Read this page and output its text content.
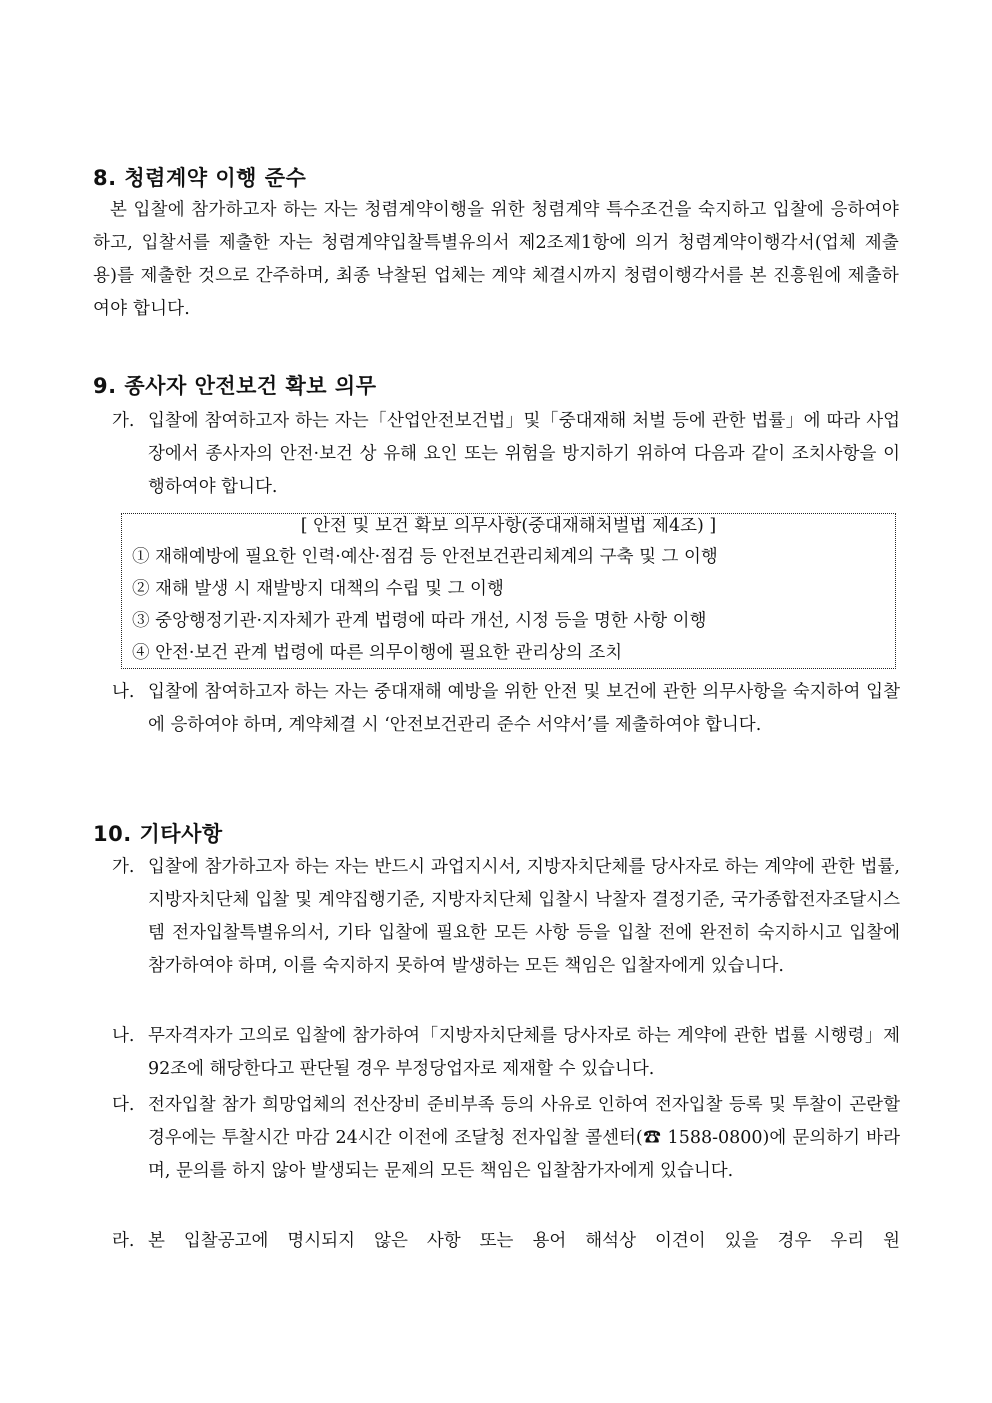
8. 청렴계약 이행 준수
본 입찰에 참가하고자 하는 자는 청렴계약이행을 위한 청렴계약 특수조건을 숙지하고 입찰에 응하여야 하고, 입찰서를 제출한 자는 청렴계약입찰특별유의서 제2조제1항에 의거 청렴계약이행각서(업체 제출용)를 제출한 것으로 간주하며, 최종 낙찰된 업체는 계약 체결시까지 청렴이행각서를 본 진흥원에 제출하여야 합니다.
9. 종사자 안전보건 확보 의무
가. 입찰에 참여하고자 하는 자는「산업안전보건법」및「중대재해 처벌 등에 관한 법률」에 따라 사업장에서 종사자의 안전·보건 상 유해 요인 또는 위험을 방지하기 위하여 다음과 같이 조치사항을 이행하여야 합니다.
[ 안전 및 보건 확보 의무사항(중대재해처벌법 제4조) ]
① 재해예방에 필요한 인력·예산·점검 등 안전보건관리체계의 구축 및 그 이행
② 재해 발생 시 재발방지 대책의 수립 및 그 이행
③ 중앙행정기관·지자체가 관계 법령에 따라 개선, 시정 등을 명한 사항 이행
④ 안전·보건 관계 법령에 따른 의무이행에 필요한 관리상의 조치
나. 입찰에 참여하고자 하는 자는 중대재해 예방을 위한 안전 및 보건에 관한 의무사항을 숙지하여 입찰에 응하여야 하며, 계약체결 시 ‘안전보건관리 준수 서약서’를 제출하여야 합니다.
10. 기타사항
가. 입찰에 참가하고자 하는 자는 반드시 과업지시서, 지방자치단체를 당사자로 하는 계약에 관한 법률, 지방자치단체 입찰 및 계약집행기준, 지방자치단체 입찰시 낙찰자 결정기준, 국가종합전자조달시스템 전자입찰특별유의서, 기타 입찰에 필요한 모든 사항 등을 입찰 전에 완전히 숙지하시고 입찰에 참가하여야 하며, 이를 숙지하지 못하여 발생하는 모든 책임은 입찰자에게 있습니다.
나. 무자격자가 고의로 입찰에 참가하여「지방자치단체를 당사자로 하는 계약에 관한 법률 시행령」제92조에 해당한다고 판단될 경우 부정당업자로 제재할 수 있습니다.
다. 전자입찰 참가 희망업체의 전산장비 준비부족 등의 사유로 인하여 전자입찰 등록 및 투찰이 곤란할 경우에는 투찰시간 마감 24시간 이전에 조달청 전자입찰 콜센터(☎ 1588-0800)에 문의하기 바라며, 문의를 하지 않아 발생되는 문제의 모든 책임은 입찰참가자에게 있습니다.
라. 본 입찰공고에 명시되지 않은 사항 또는 용어 해석상 이견이 있을 경우 우리 원
